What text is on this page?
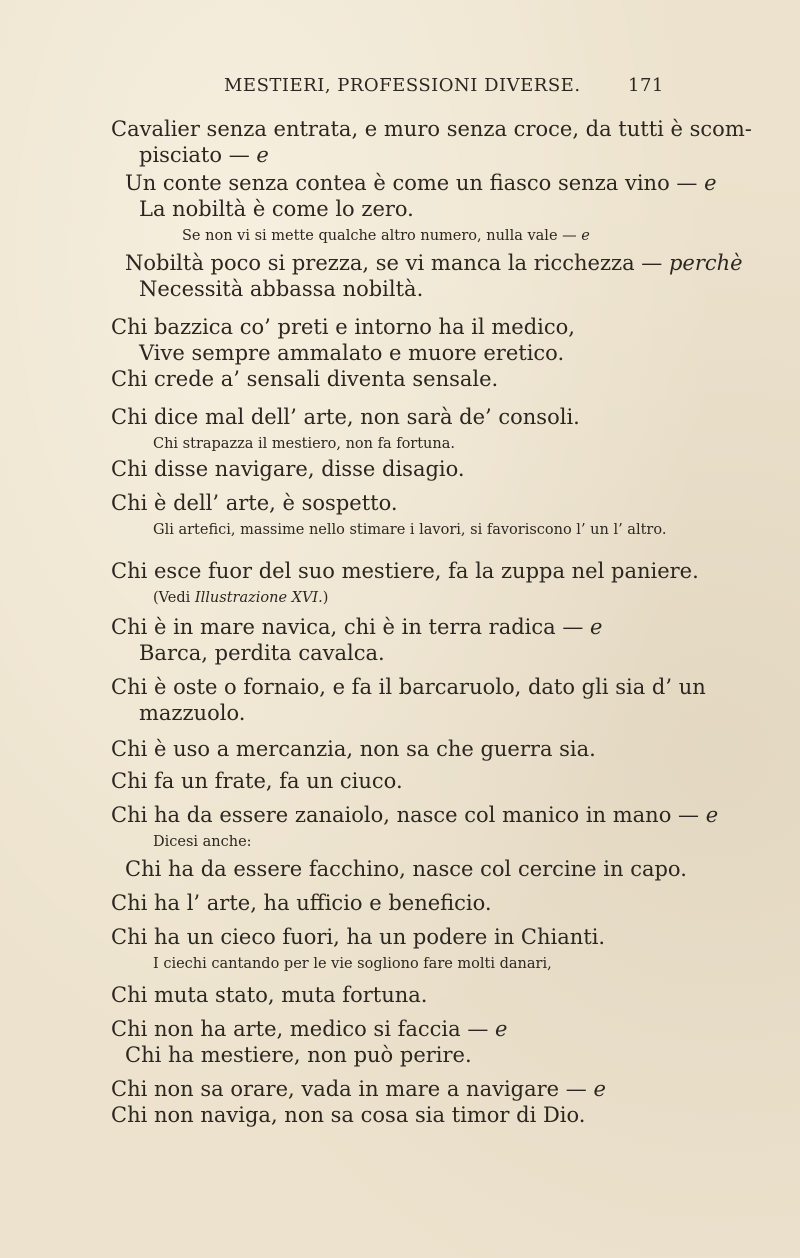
MESTIERI, PROFESSIONI DIVERSE.	171
Cavalier senza entrata, e muro senza croce, da tutti è scom-
pisciato — e
Un conte senza contea è come un fiasco senza vino — e
La nobiltà è come lo zero.
Se non vi si mette qualche altro numero, nulla vale — e
Nobiltà poco si prezza, se vi manca la ricchezza — perchè
Necessità abbassa nobiltà.
Chi bazzica co’ preti e intorno ha il medico,
Vive sempre ammalato e muore eretico.
Chi crede a’ sensali diventa sensale.
Chi dice mal dell’ arte, non sarà de’ consoli.
Chi strapazza il mestiero, non fa fortuna.
Chi disse navigare, disse disagio.
Chi è dell’ arte, è sospetto.
Gli artefici, massime nello stimare i lavori, si favoriscono l’ un l’ altro.
Chi esce fuor del suo mestiere, fa la zuppa nel paniere.
(Vedi Illustrazione XVI.)
Chi è in mare navica, chi è in terra radica — e
Barca, perdita cavalca.
Chi è oste o fornaio, e fa il barcaruolo, dato gli sia d’ un
mazzuolo.
Chi è uso a mercanzia, non sa che guerra sia.
Chi fa un frate, fa un ciuco.
Chi ha da essere zanaiolo, nasce col manico in mano — e
Dicesi anche:
Chi ha da essere facchino, nasce col cercine in capo.
Chi ha l’ arte, ha ufficio e beneficio.
Chi ha un cieco fuori, ha un podere in Chianti.
I ciechi cantando per le vie sogliono fare molti danari,
Chi muta stato, muta fortuna.
Chi non ha arte, medico si faccia — e
Chi ha mestiere, non può perire.
Chi non sa orare, vada in mare a navigare — e
Chi non naviga, non sa cosa sia timor di Dio.
